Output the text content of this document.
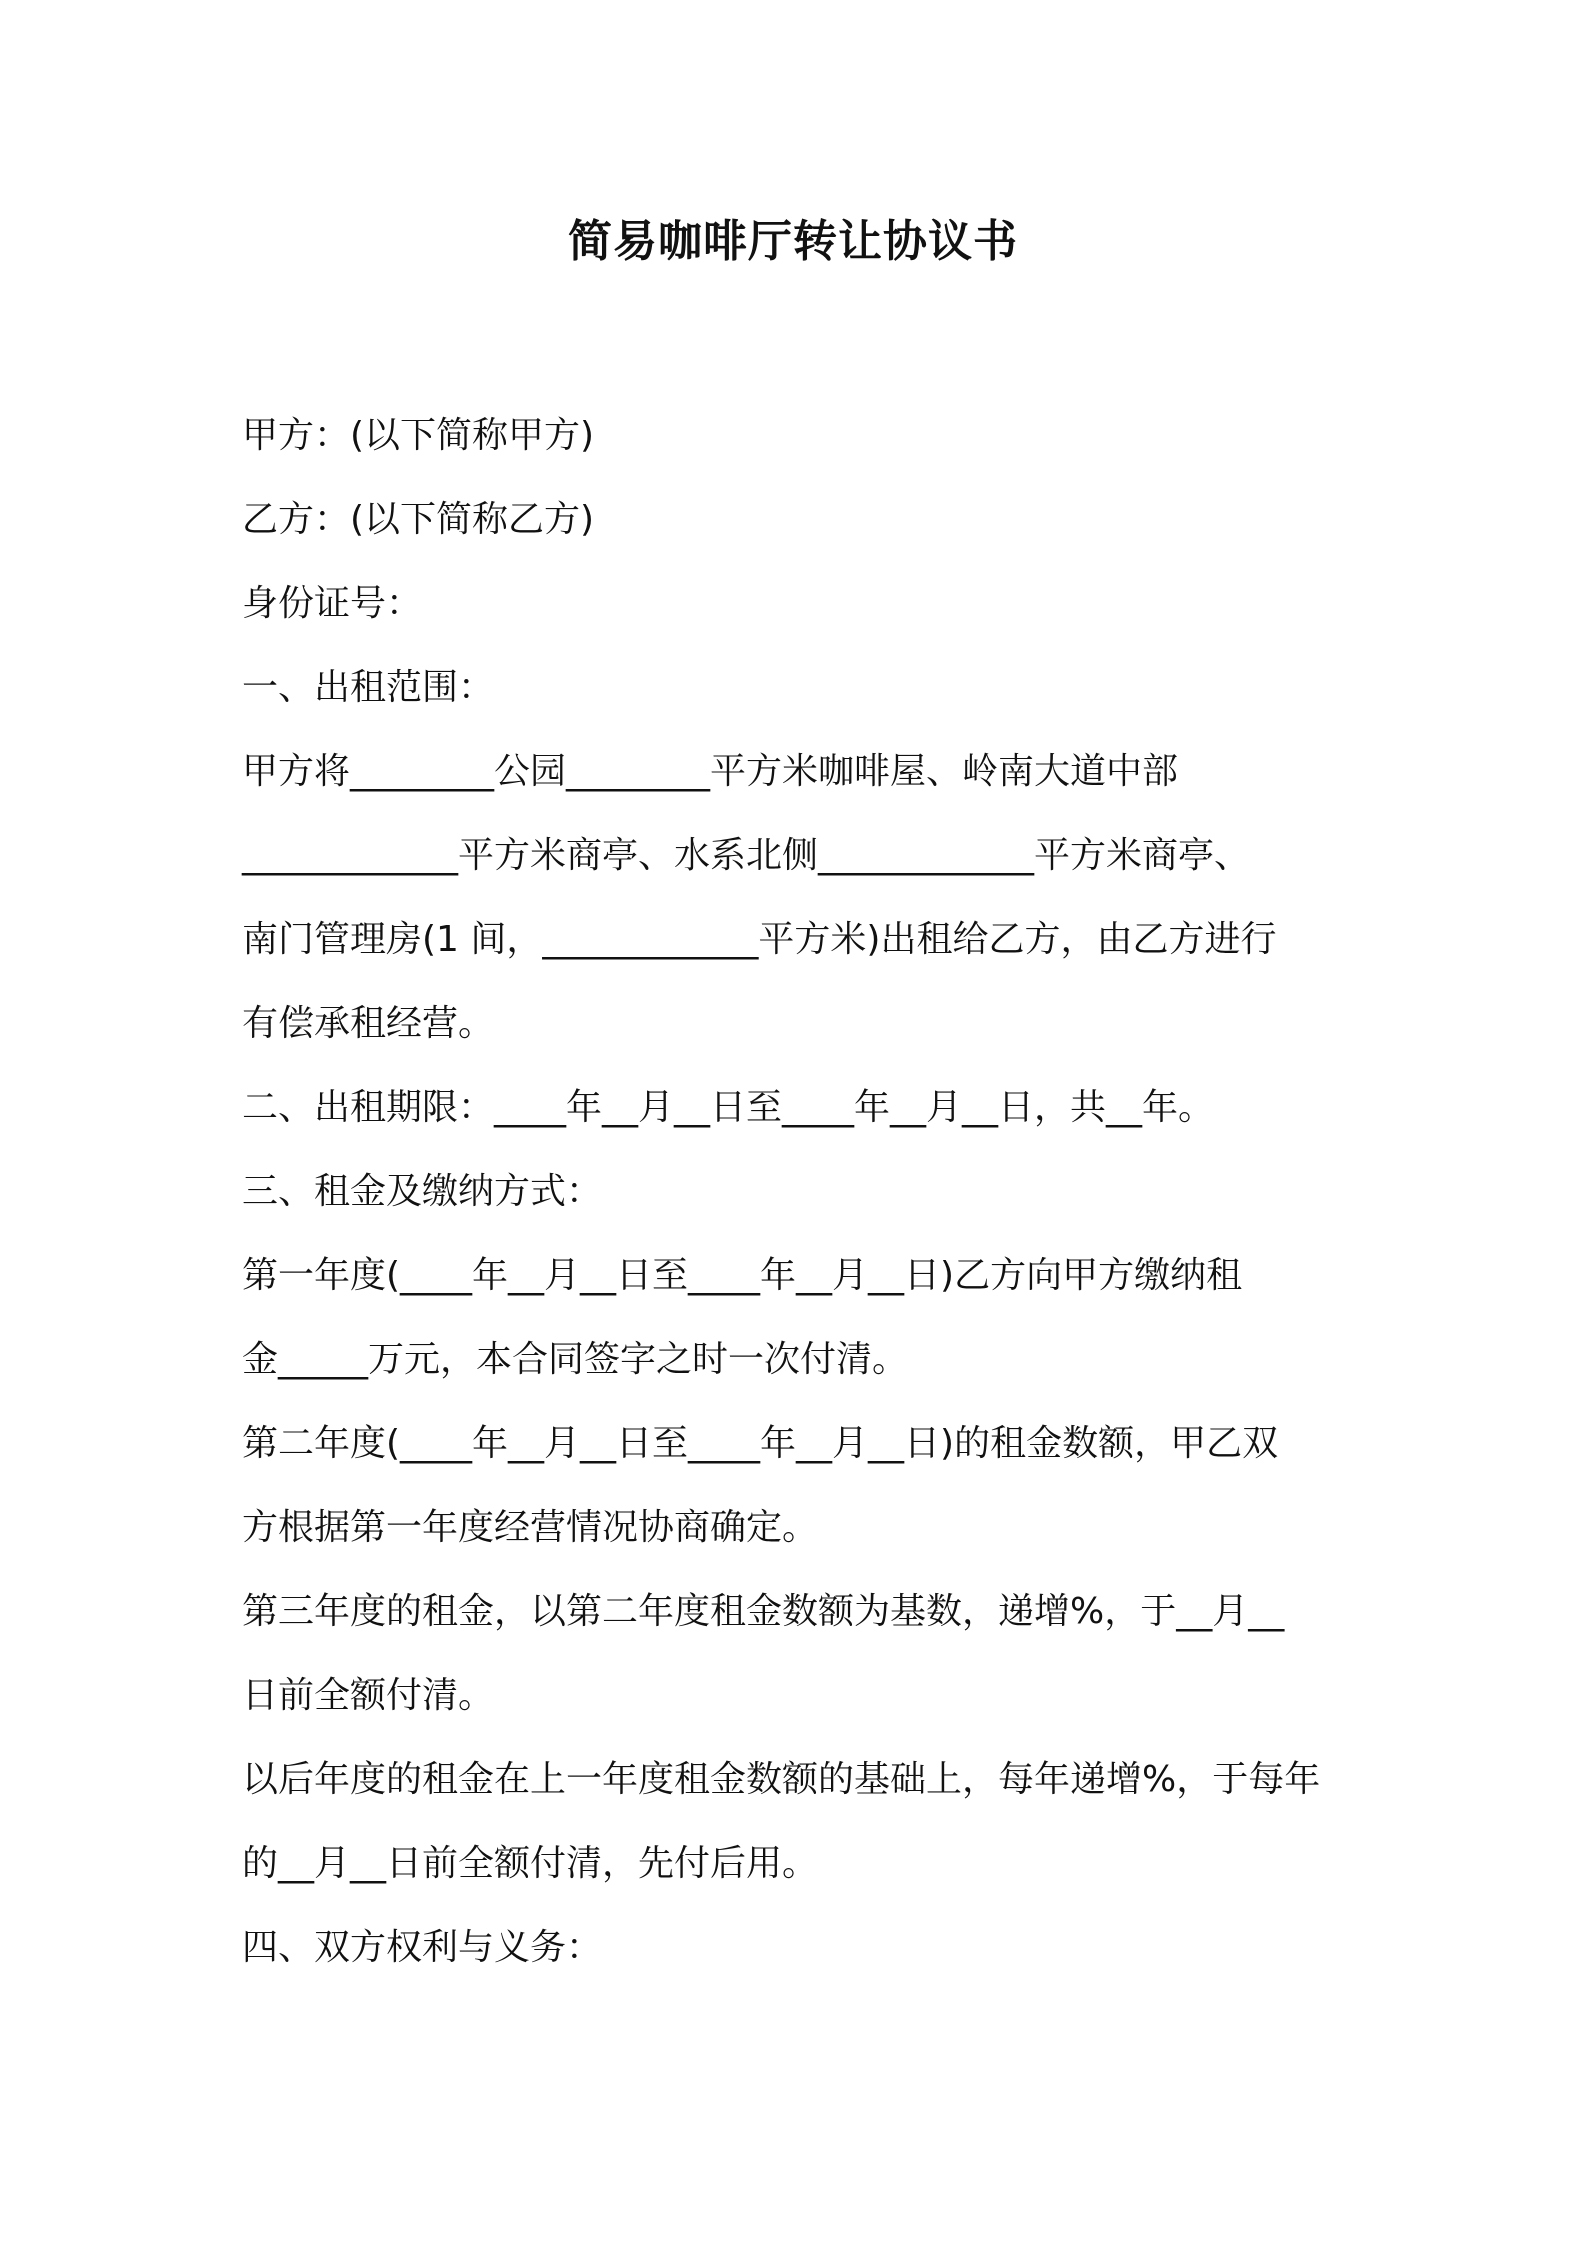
简易咖啡厅转让协议书
甲方：(以下简称甲方)
乙方：(以下简称乙方)
身份证号：
一、出租范围：
甲方将________公园________平方米咖啡屋、岭南大道中部
____________平方米商亭、水系北侧____________平方米商亭、
南门管理房(1 间，____________平方米)出租给乙方，由乙方进行
有偿承租经营。
二、出租期限：____年__月__日至____年__月__日，共__年。
三、租金及缴纳方式：
第一年度(____年__月__日至____年__月__日)乙方向甲方缴纳租
金_____万元，本合同签字之时一次付清。
第二年度(____年__月__日至____年__月__日)的租金数额，甲乙双
方根据第一年度经营情况协商确定。
第三年度的租金，以第二年度租金数额为基数，递增%，于__月__
日前全额付清。
以后年度的租金在上一年度租金数额的基础上，每年递增%，于每年
的__月__日前全额付清，先付后用。
四、双方权利与义务：
